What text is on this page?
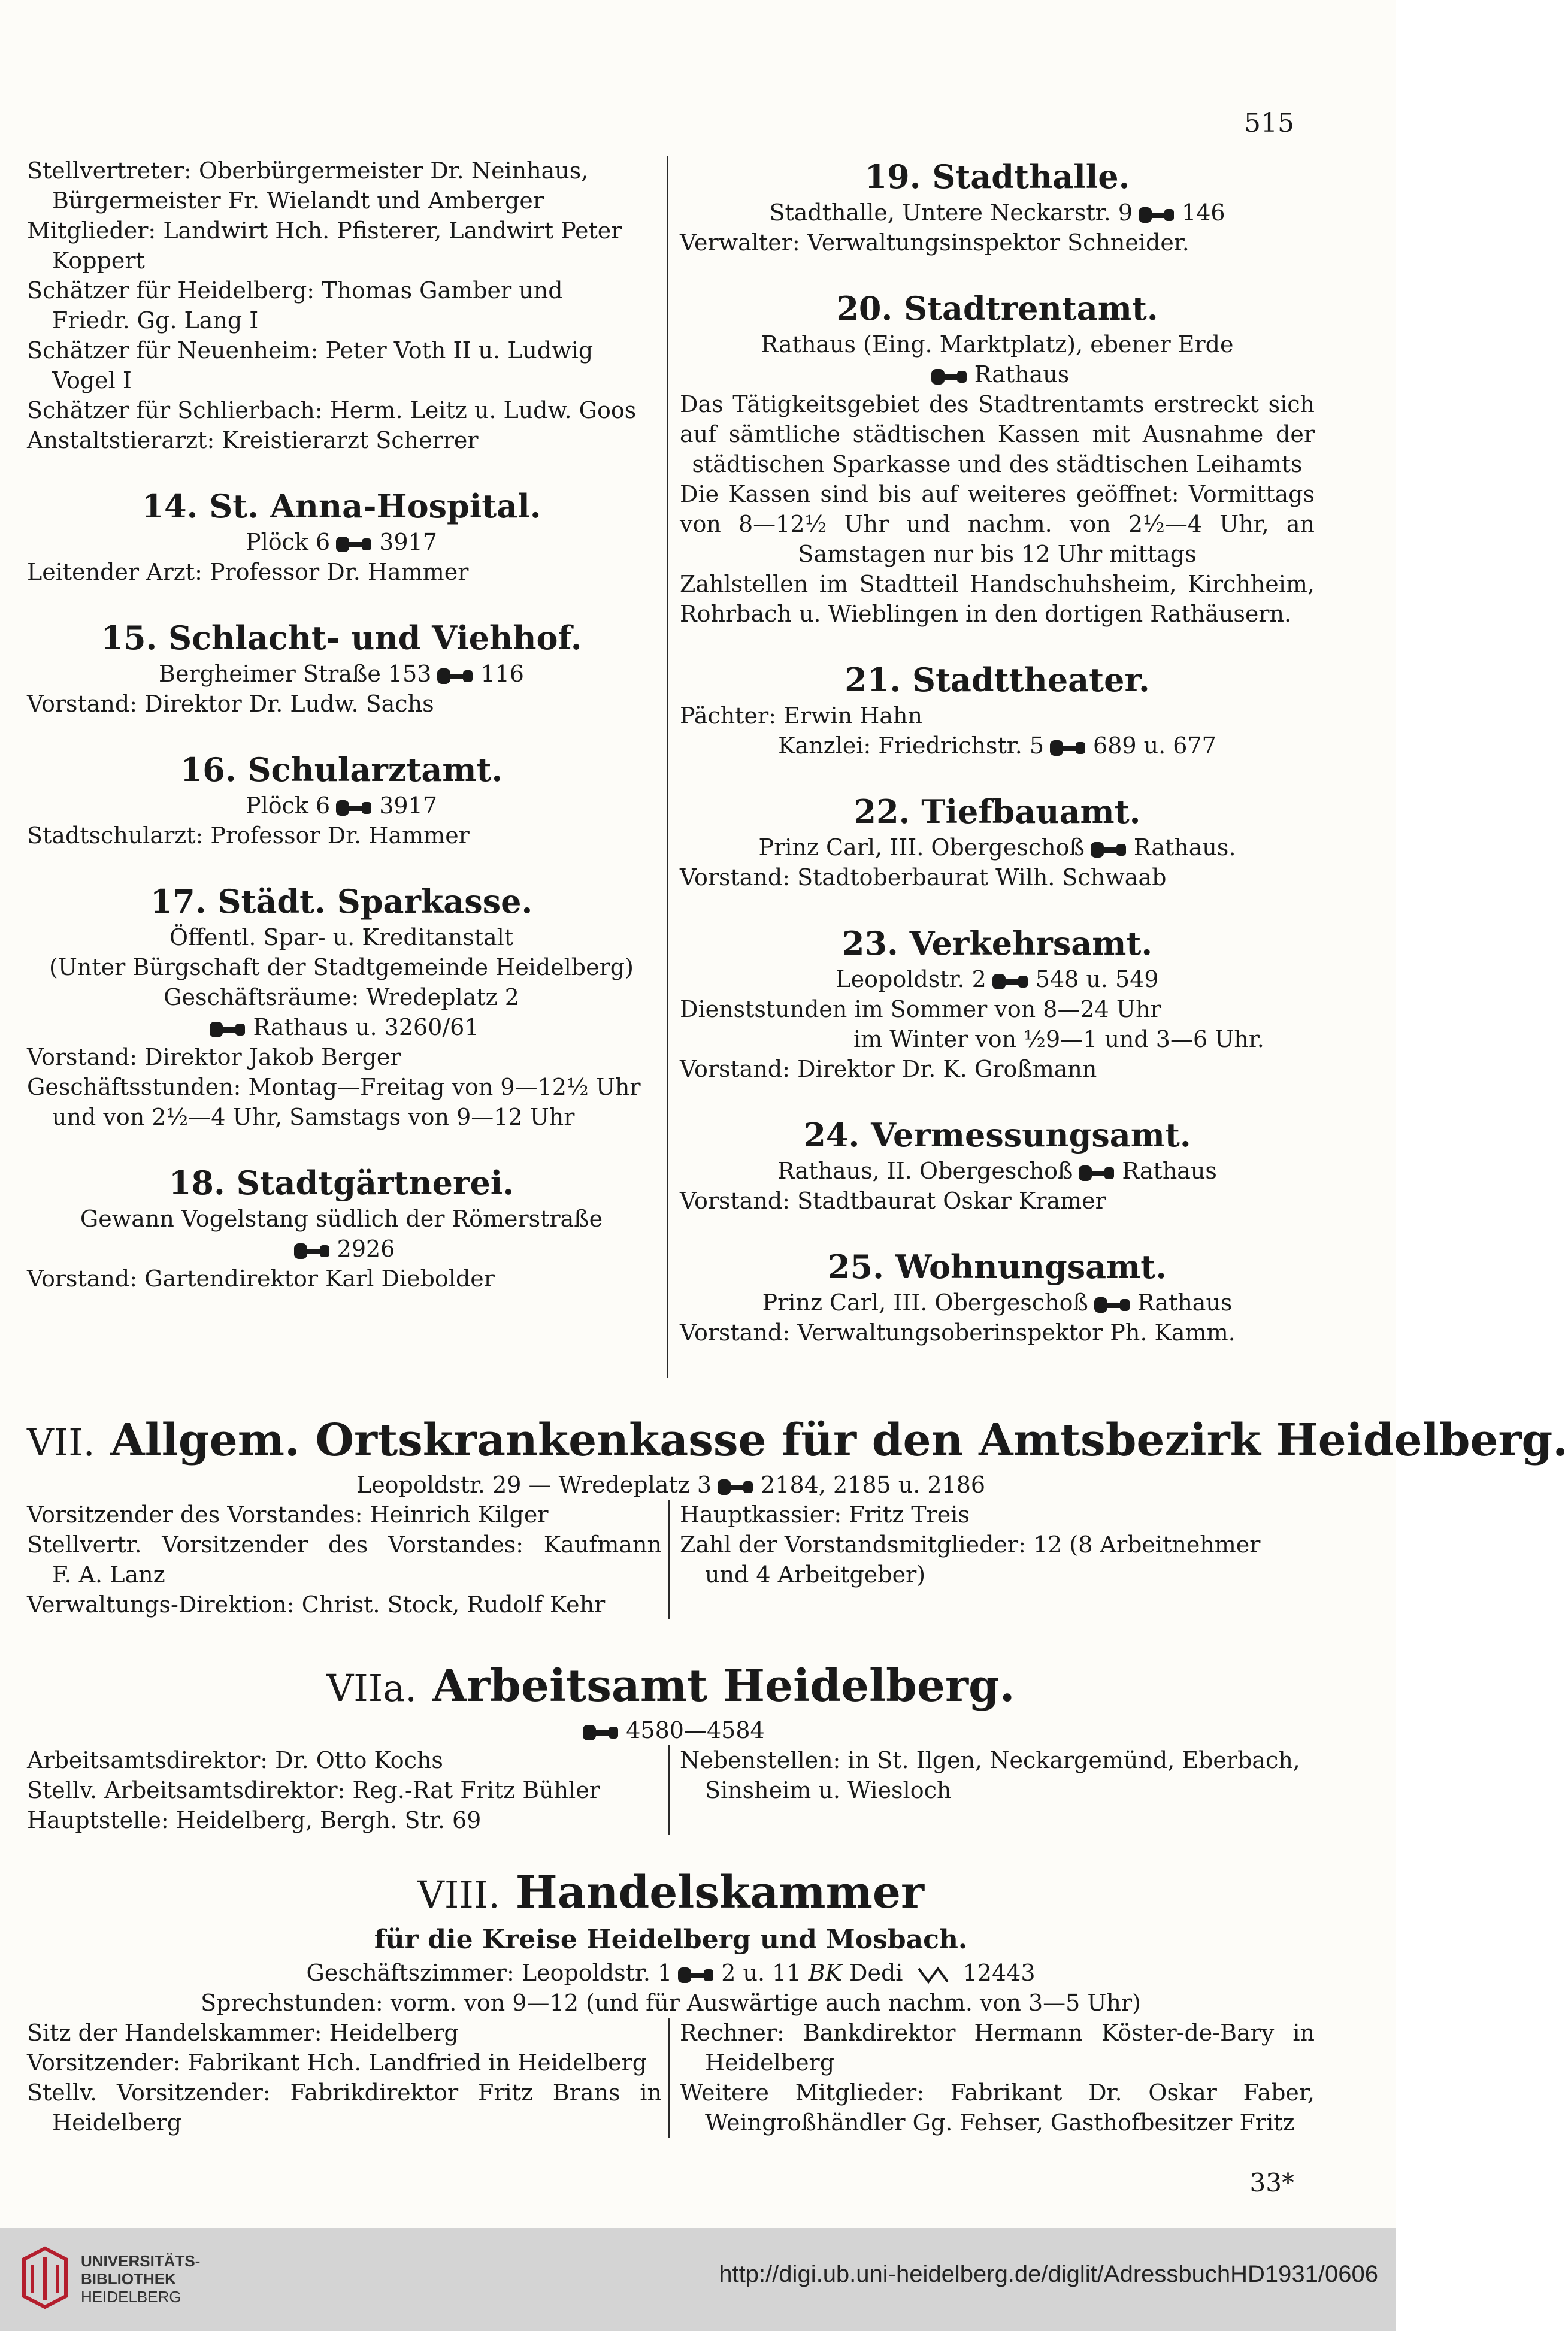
515
Stellvertreter: Oberbürgermeister Dr. Neinhaus,
Bürgermeister Fr. Wielandt und Amberger
Mitglieder: Landwirt Hch. Pfisterer, Landwirt Peter
Koppert
Schätzer für Heidelberg: Thomas Gamber und
Friedr. Gg. Lang I
Schätzer für Neuenheim: Peter Voth II u. Ludwig
Vogel I
Schätzer für Schlierbach: Herm. Leitz u. Ludw. Goos
Anstaltstierarzt: Kreistierarzt Scherrer
14. St. Anna-Hospital.
Plöck 6 3917
Leitender Arzt: Professor Dr. Hammer
15. Schlacht- und Viehhof.
Bergheimer Straße 153 116
Vorstand: Direktor Dr. Ludw. Sachs
16. Schularztamt.
Plöck 6 3917
Stadtschularzt: Professor Dr. Hammer
17. Städt. Sparkasse.
Öffentl. Spar- u. Kreditanstalt
(Unter Bürgschaft der Stadtgemeinde Heidelberg)
Geschäftsräume: Wredeplatz 2
Rathaus u. 3260/61
Vorstand: Direktor Jakob Berger
Geschäftsstunden: Montag—Freitag von 9—12½ Uhr
und von 2½—4 Uhr, Samstags von 9—12 Uhr
18. Stadtgärtnerei.
Gewann Vogelstang südlich der Römerstraße
2926
Vorstand: Gartendirektor Karl Diebolder
19. Stadthalle.
Stadthalle, Untere Neckarstr. 9 146
Verwalter: Verwaltungsinspektor Schneider.
20. Stadtrentamt.
Rathaus (Eing. Marktplatz), ebener Erde
Rathaus
Das Tätigkeitsgebiet des Stadtrentamts erstreckt sich
auf sämtliche städtischen Kassen mit Ausnahme der
städtischen Sparkasse und des städtischen Leihamts
Die Kassen sind bis auf weiteres geöffnet: Vormittags
von 8—12½ Uhr und nachm. von 2½—4 Uhr, an
Samstagen nur bis 12 Uhr mittags
Zahlstellen im Stadtteil Handschuhsheim, Kirchheim,
Rohrbach u. Wieblingen in den dortigen Rathäusern.
21. Stadttheater.
Pächter: Erwin Hahn
Kanzlei: Friedrichstr. 5 689 u. 677
22. Tiefbauamt.
Prinz Carl, III. Obergeschoß Rathaus.
Vorstand: Stadtoberbaurat Wilh. Schwaab
23. Verkehrsamt.
Leopoldstr. 2 548 u. 549
Dienststunden im Sommer von 8—24 Uhr
im Winter von ½9—1 und 3—6 Uhr.
Vorstand: Direktor Dr. K. Großmann
24. Vermessungsamt.
Rathaus, II. Obergeschoß Rathaus
Vorstand: Stadtbaurat Oskar Kramer
25. Wohnungsamt.
Prinz Carl, III. Obergeschoß Rathaus
Vorstand: Verwaltungsoberinspektor Ph. Kamm.
VII. Allgem. Ortskrankenkasse für den Amtsbezirk Heidelberg.
Leopoldstr. 29 — Wredeplatz 3 2184, 2185 u. 2186
Vorsitzender des Vorstandes: Heinrich Kilger
Stellvertr. Vorsitzender des Vorstandes: Kaufmann
F. A. Lanz
Verwaltungs-Direktion: Christ. Stock, Rudolf Kehr
Hauptkassier: Fritz Treis
Zahl der Vorstandsmitglieder: 12 (8 Arbeitnehmer
und 4 Arbeitgeber)
VIIa. Arbeitsamt Heidelberg.
4580—4584
Arbeitsamtsdirektor: Dr. Otto Kochs
Stellv. Arbeitsamtsdirektor: Reg.-Rat Fritz Bühler
Hauptstelle: Heidelberg, Bergh. Str. 69
Nebenstellen: in St. Ilgen, Neckargemünd, Eberbach,
Sinsheim u. Wiesloch
VIII. Handelskammer
für die Kreise Heidelberg und Mosbach.
Geschäftszimmer: Leopoldstr. 1 2 u. 11 BK Dedi	12443
Sprechstunden: vorm. von 9—12 (und für Auswärtige auch nachm. von 3—5 Uhr)
Sitz der Handelskammer: Heidelberg
Vorsitzender: Fabrikant Hch. Landfried in Heidelberg
Stellv. Vorsitzender: Fabrikdirektor Fritz Brans in
Heidelberg
Rechner: Bankdirektor Hermann Köster-de-Bary in
Heidelberg
Weitere Mitglieder: Fabrikant Dr. Oskar Faber,
Weingroßhändler Gg. Fehser, Gasthofbesitzer Fritz
33*
UNIVERSITÄTS-
BIBLIOTHEK
HEIDELBERG
http://digi.ub.uni-heidelberg.de/diglit/AdressbuchHD1931/0606
